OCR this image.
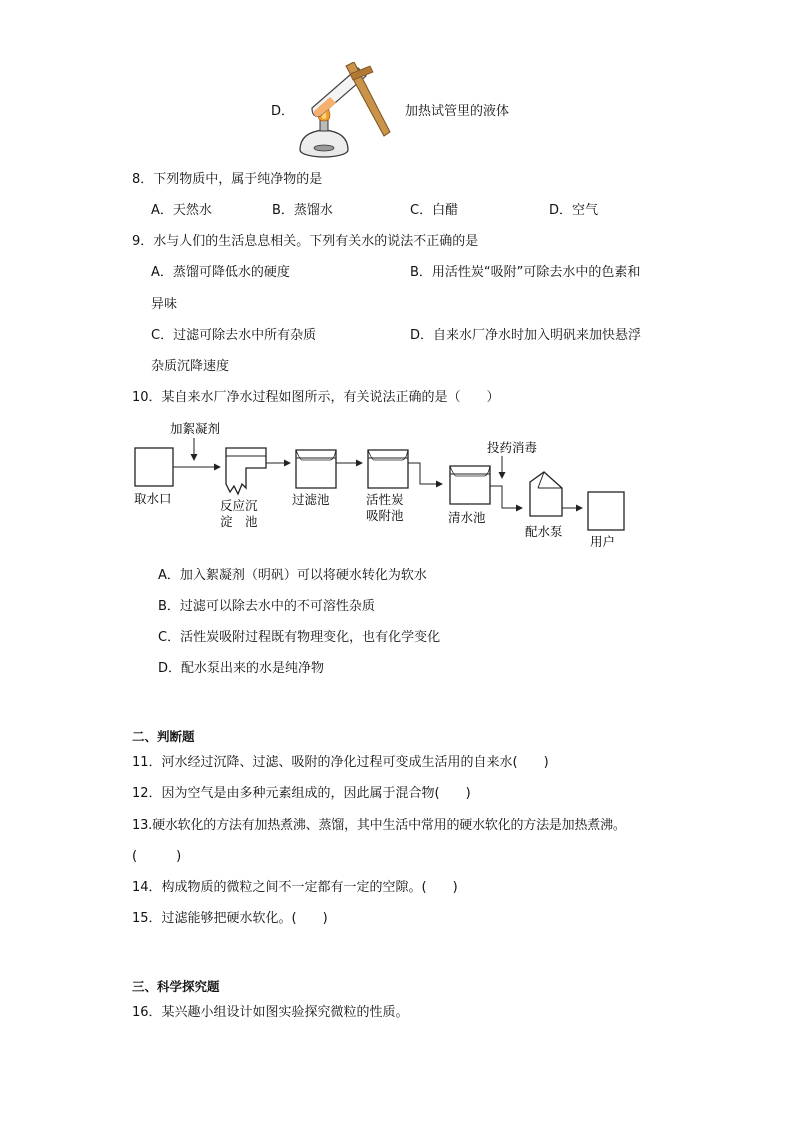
D．	加热试管里的液体
8．下列物质中，属于纯净物的是
A．天然水	B．蒸馏水	C．白醋	D．空气
9．水与人们的生活息息相关。下列有关水的说法不正确的是
A．蒸馏可降低水的硬度	B．用活性炭“吸附”可除去水中的色素和
异味
C．过滤可除去水中所有杂质	D．自来水厂净水时加入明矾来加快悬浮
杂质沉降速度
10．某自来水厂净水过程如图所示，有关说法正确的是（　　）
加絮凝剂
取水口	反应沉
淀　池
过滤池	活性炭
吸附池	清水池
投药消毒
配水泵
用户
A．加入絮凝剂（明矾）可以将硬水转化为软水
B．过滤可以除去水中的不可溶性杂质
C．活性炭吸附过程既有物理变化，也有化学变化
D．配水泵出来的水是纯净物
二、判断题
11．河水经过沉降、过滤、吸附的净化过程可变成生活用的自来水(　　)
12．因为空气是由多种元素组成的，因此属于混合物(　　)
13.硬水软化的方法有加热煮沸、蒸馏，其中生活中常用的硬水软化的方法是加热煮沸。
(　　　)
14．构成物质的微粒之间不一定都有一定的空隙。(　　)
15．过滤能够把硬水软化。(　　)
三、科学探究题
16．某兴趣小组设计如图实验探究微粒的性质。
